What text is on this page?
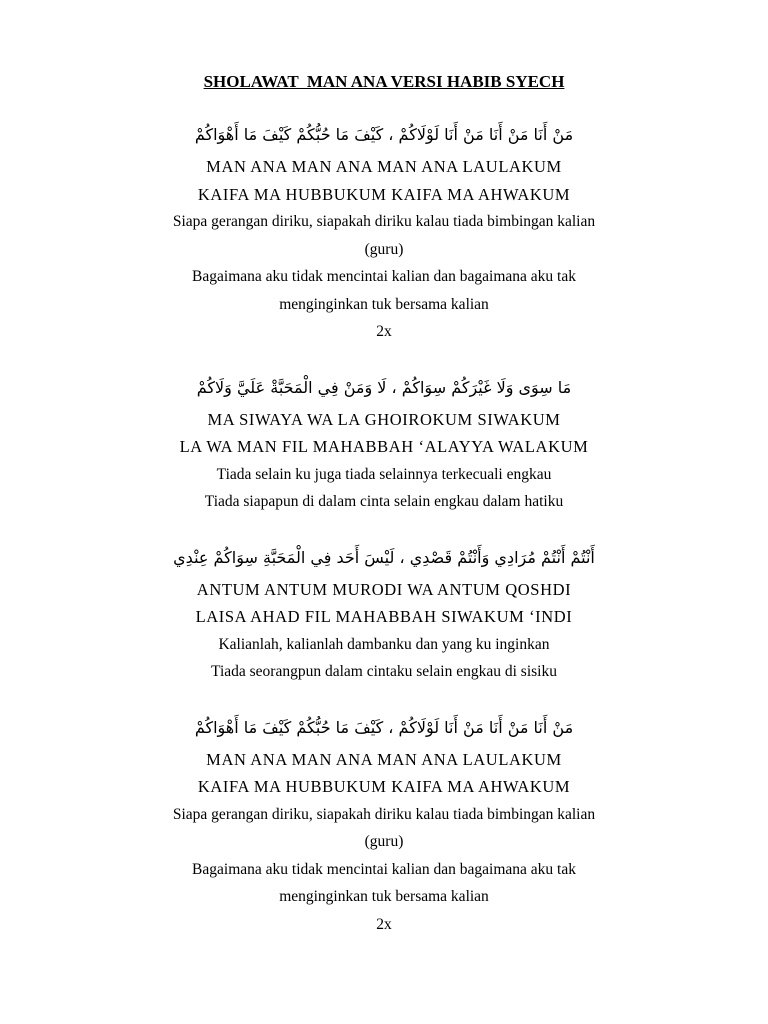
SHOLAWAT  MAN ANA VERSI HABIB SYECH

مَنْ أَنَا مَنْ أَنَا مَنْ أَنَا لَوْلَاكُمْ ، كَيْفَ مَا حُبُّكُمْ كَيْفَ مَا أَهْوَاكُمْ

MAN ANA MAN ANA MAN ANA LAULAKUM

KAIFA MA HUBBUKUM KAIFA MA AHWAKUM

Siapa gerangan diriku, siapakah diriku kalau tiada bimbingan kalian

(guru)

Bagaimana aku tidak mencintai kalian dan bagaimana aku tak

menginginkan tuk bersama kalian

2x

مَا سِوَى وَلَا غَيْرَكُمْ سِوَاكُمْ ، لَا وَمَنْ فِي الْمَحَبَّةْ عَلَيَّ وَلَاكُمْ

MA SIWAYA WA LA GHOIROKUM SIWAKUM

LA WA MAN FIL MAHABBAH ‘ALAYYA WALAKUM

Tiada selain ku juga tiada selainnya terkecuali engkau

Tiada siapapun di dalam cinta selain engkau dalam hatiku

أَنْتُمْ أَنْتُمْ مُرَادِي وَأَنْتُمْ قَصْدِي ، لَيْسَ أَحَد فِي الْمَحَبَّةِ سِوَاكُمْ عِنْدِي

ANTUM ANTUM MURODI WA ANTUM QOSHDI

LAISA AHAD FIL MAHABBAH SIWAKUM ‘INDI

Kalianlah, kalianlah dambanku dan yang ku inginkan

Tiada seorangpun dalam cintaku selain engkau di sisiku

مَنْ أَنَا مَنْ أَنَا مَنْ أَنَا لَوْلَاكُمْ ، كَيْفَ مَا حُبُّكُمْ كَيْفَ مَا أَهْوَاكُمْ

MAN ANA MAN ANA MAN ANA LAULAKUM

KAIFA MA HUBBUKUM KAIFA MA AHWAKUM

Siapa gerangan diriku, siapakah diriku kalau tiada bimbingan kalian

(guru)

Bagaimana aku tidak mencintai kalian dan bagaimana aku tak

menginginkan tuk bersama kalian

2x
